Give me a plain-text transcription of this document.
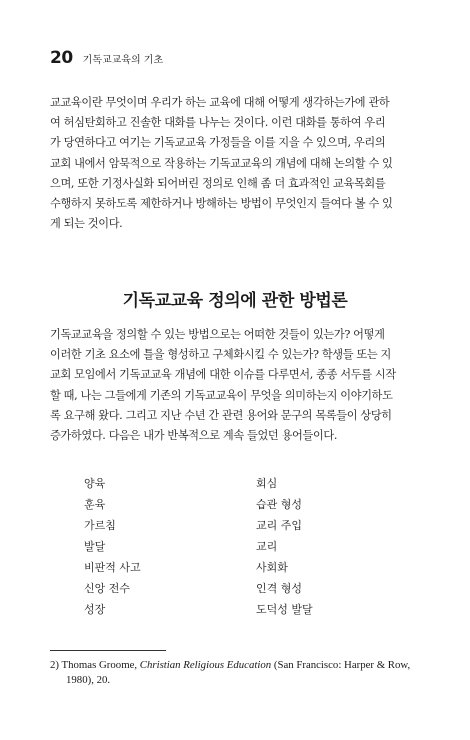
20 기독교교육의 기초

교교육이란 무엇이며 우리가 하는 교육에 대해 어떻게 생각하는가에 관하
여 허심탄회하고 진솔한 대화를 나누는 것이다. 이런 대화를 통하여 우리
가 당연하다고 여기는 기독교교육 가정들을 이를 지을 수 있으며, 우리의
교회 내에서 암묵적으로 작용하는 기독교교육의 개념에 대해 논의할 수 있
으며, 또한 기정사실화 되어버린 정의로 인해 좀 더 효과적인 교육목회를
수행하지 못하도록 제한하거나 방해하는 방법이 무엇인지 들여다 볼 수 있
게 되는 것이다.

기독교교육 정의에 관한 방법론

기독교교육을 정의할 수 있는 방법으로는 어떠한 것들이 있는가? 어떻게
이러한 기초 요소에 틀을 형성하고 구체화시킬 수 있는가? 학생들 또는 지
교회 모임에서 기독교교육 개념에 대한 이슈를 다루면서, 종종 서두를 시작
할 때, 나는 그들에게 기존의 기독교교육이 무엇을 의미하는지 이야기하도
록 요구해 왔다. 그리고 지난 수년 간 관련 용어와 문구의 목록들이 상당히
증가하였다. 다음은 내가 반복적으로 계속 들었던 용어들이다.

양육	회심
훈육	습관 형성
가르침	교리 주입
발달	교리
비판적 사고	사회화
신앙 전수	인격 형성
성장	도덕성 발달
2) Thomas Groome, Christian Religious Education (San Francisco: Harper & Row,
1980), 20.
